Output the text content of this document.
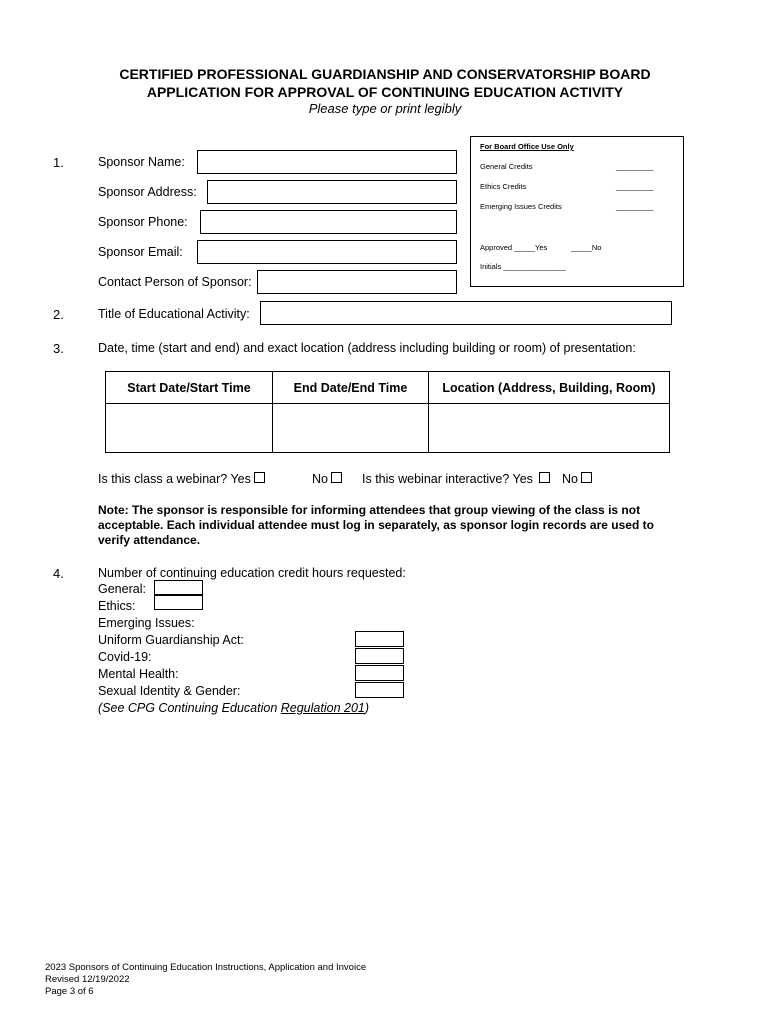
CERTIFIED PROFESSIONAL GUARDIANSHIP AND CONSERVATORSHIP BOARD
APPLICATION FOR APPROVAL OF CONTINUING EDUCATION ACTIVITY
Please type or print legibly
For Board Office Use Only
General Credits	_________
Ethics Credits	_________
Emerging Issues Credits	_________
Approved _____Yes	_____No
Initials _______________
1.	Sponsor Name:
Sponsor Address:
Sponsor Phone:
Sponsor Email:
Contact Person of Sponsor:
2.	Title of Educational Activity:
3.	Date, time (start and end) and exact location (address including building or room) of presentation:
Start Date/Start Time	End Date/End Time	Location (Address, Building, Room)

Is this class a webinar? Yes	No	Is this webinar interactive? Yes	No
Note: The sponsor is responsible for informing attendees that group viewing of the class is not acceptable. Each individual attendee must log in separately, as sponsor login records are used to verify attendance.
4.	Number of continuing education credit hours requested:
General:
Ethics:
Emerging Issues:
Uniform Guardianship Act:
Covid-19:
Mental Health:
Sexual Identity & Gender:
(See CPG Continuing Education Regulation 201)
2023 Sponsors of Continuing Education Instructions, Application and Invoice
Revised 12/19/2022
Page 3 of 6
